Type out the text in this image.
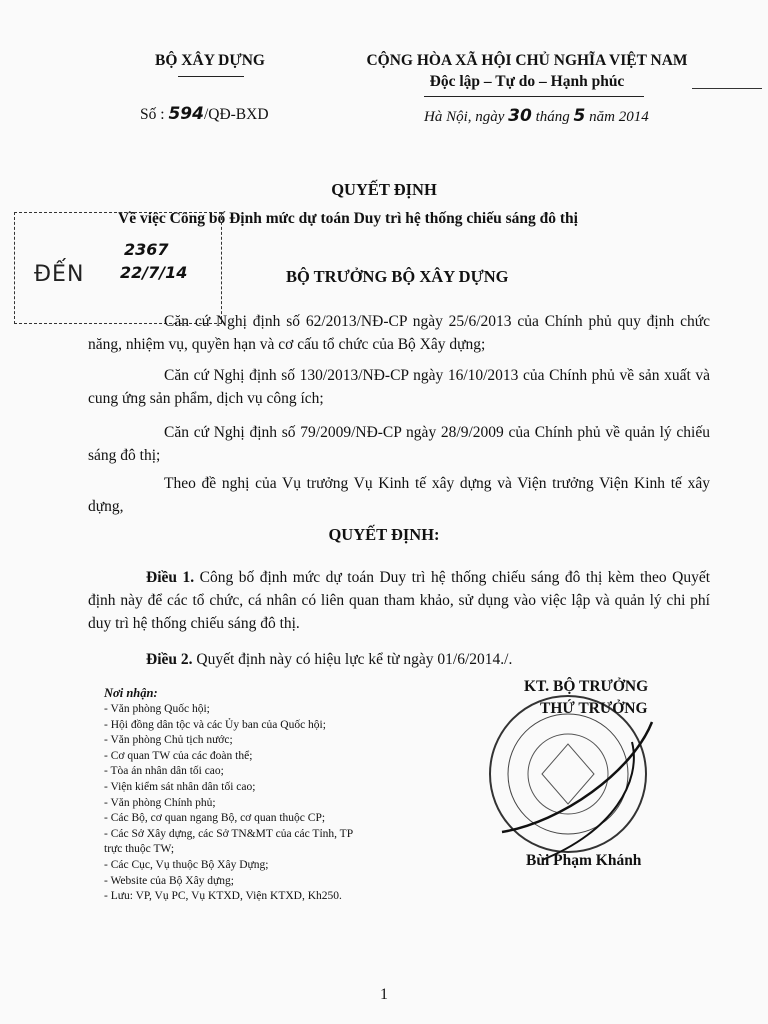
BỘ XÂY DỰNG
Số : 594/QĐ-BXD
CỘNG HÒA XÃ HỘI CHỦ NGHĨA VIỆT NAM
Độc lập – Tự do – Hạnh phúc
Hà Nội, ngày 30 tháng 5 năm 2014
QUYẾT ĐỊNH
Về việc Công bố Định mức dự toán Duy trì hệ thống chiếu sáng đô thị
ĐẾN
2367
22/7/14	BỘ TRƯỞNG BỘ XÂY DỰNG
Căn cứ Nghị định số 62/2013/NĐ-CP ngày 25/6/2013 của Chính phủ quy định chức năng, nhiệm vụ, quyền hạn và cơ cấu tổ chức của Bộ Xây dựng;
Căn cứ Nghị định số 130/2013/NĐ-CP ngày 16/10/2013 của Chính phủ về sản xuất và cung ứng sản phẩm, dịch vụ công ích;
Căn cứ Nghị định số 79/2009/NĐ-CP ngày 28/9/2009 của Chính phủ về quản lý chiếu sáng đô thị;
Theo đề nghị của Vụ trưởng Vụ Kinh tế xây dựng và Viện trưởng Viện Kinh tế xây dựng,
QUYẾT ĐỊNH:
Điều 1. Công bố định mức dự toán Duy trì hệ thống chiếu sáng đô thị kèm theo Quyết định này để các tổ chức, cá nhân có liên quan tham khảo, sử dụng vào việc lập và quản lý chi phí duy trì hệ thống chiếu sáng đô thị.
Điều 2. Quyết định này có hiệu lực kể từ ngày 01/6/2014./.
Nơi nhận:
- Văn phòng Quốc hội;
- Hội đồng dân tộc và các Ủy ban của Quốc hội;
- Văn phòng Chủ tịch nước;
- Cơ quan TW của các đoàn thể;
- Tòa án nhân dân tối cao;
- Viện kiểm sát nhân dân tối cao;
- Văn phòng Chính phủ;
- Các Bộ, cơ quan ngang Bộ, cơ quan thuộc CP;
- Các Sở Xây dựng, các Sở TN&MT của các Tỉnh, TP
trực thuộc TW;
- Các Cục, Vụ thuộc Bộ Xây Dựng;
- Website của Bộ Xây dựng;
- Lưu: VP, Vụ PC, Vụ KTXD, Viện KTXD, Kh250.
KT. BỘ TRƯỞNG
THỨ TRƯỞNG
Bùi Phạm Khánh
1
